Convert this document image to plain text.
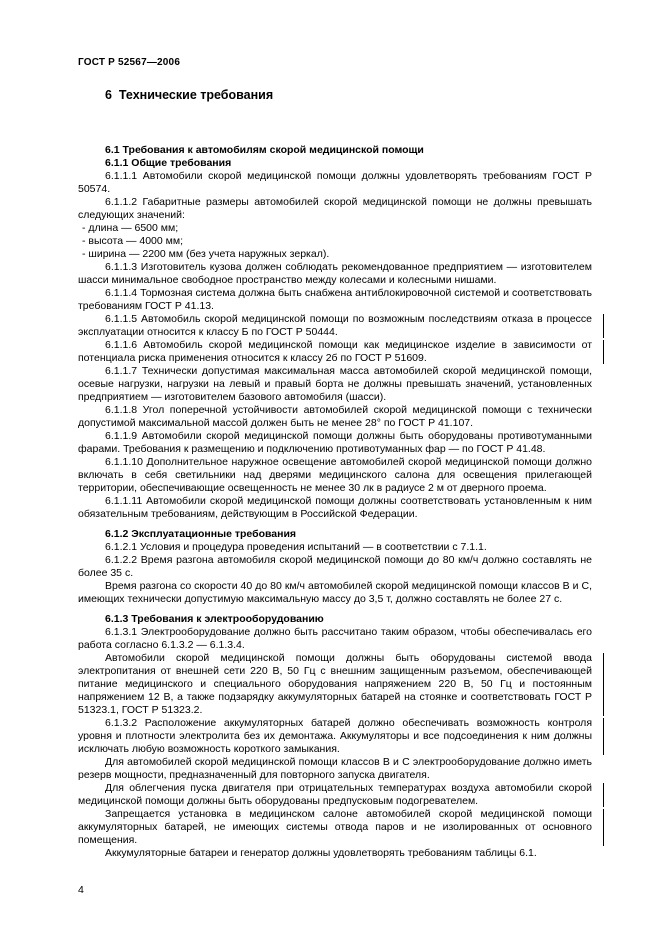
ГОСТ Р 52567—2006
6  Технические требования

6.1 Требования к автомобилям скорой медицинской помощи

6.1.1 Общие требования

6.1.1.1 Автомобили скорой медицинской помощи должны удовлетворять требованиям ГОСТ Р 50574.

6.1.1.2 Габаритные размеры автомобилей скорой медицинской помощи не должны превышать следующих значений:

- длина — 6500 мм;

- высота — 4000 мм;

- ширина — 2200 мм (без учета наружных зеркал).

6.1.1.3 Изготовитель кузова должен соблюдать рекомендованное предприятием — изготовителем шасси минимальное свободное пространство между колесами и колесными нишами.

6.1.1.4 Тормозная система должна быть снабжена антиблокировочной системой и соответствовать требованиям ГОСТ Р 41.13.

6.1.1.5 Автомобиль скорой медицинской помощи по возможным последствиям отказа в процессе эксплуатации относится к классу Б по ГОСТ Р 50444.

6.1.1.6 Автомобиль скорой медицинской помощи как медицинское изделие в зависимости от потенциала риска применения относится к классу 2б по ГОСТ Р 51609.

6.1.1.7 Технически допустимая максимальная масса автомобилей скорой медицинской помощи, осевые нагрузки, нагрузки на левый и правый борта не должны превышать значений, установленных предприятием — изготовителем базового автомобиля (шасси).

6.1.1.8 Угол поперечной устойчивости автомобилей скорой медицинской помощи с технически допустимой максимальной массой должен быть не менее 28° по ГОСТ Р 41.107.

6.1.1.9 Автомобили скорой медицинской помощи должны быть оборудованы противотуманными фарами. Требования к размещению и подключению противотуманных фар — по ГОСТ Р 41.48.

6.1.1.10 Дополнительное наружное освещение автомобилей скорой медицинской помощи должно включать в себя светильники над дверями медицинского салона для освещения прилегающей территории, обеспечивающие освещенность не менее 30 лк в радиусе 2 м от дверного проема.

6.1.1.11 Автомобили скорой медицинской помощи должны соответствовать установленным к ним обязательным требованиям, действующим в Российской Федерации.

6.1.2 Эксплуатационные требования

6.1.2.1 Условия и процедура проведения испытаний — в соответствии с 7.1.1.

6.1.2.2 Время разгона автомобиля скорой медицинской помощи до 80 км/ч должно составлять не более 35 с.

Время разгона со скорости 40 до 80 км/ч автомобилей скорой медицинской помощи классов В и С, имеющих технически допустимую максимальную массу до 3,5 т, должно составлять не более 27 с.

6.1.3 Требования к электрооборудованию

6.1.3.1 Электрооборудование должно быть рассчитано таким образом, чтобы обеспечивалась его работа согласно 6.1.3.2 — 6.1.3.4.

Автомобили скорой медицинской помощи должны быть оборудованы системой ввода электропитания от внешней сети 220 В, 50 Гц с внешним защищенным разъемом, обеспечивающей питание медицинского и специального оборудования напряжением 220 В, 50 Гц и постоянным напряжением 12 В, а также подзарядку аккумуляторных батарей на стоянке и соответствовать ГОСТ Р 51323.1, ГОСТ Р 51323.2.

6.1.3.2 Расположение аккумуляторных батарей должно обеспечивать возможность контроля уровня и плотности электролита без их демонтажа. Аккумуляторы и все подсоединения к ним должны исключать любую возможность короткого замыкания.

Для автомобилей скорой медицинской помощи классов В и С электрооборудование должно иметь резерв мощности, предназначенный для повторного запуска двигателя.

Для облегчения пуска двигателя при отрицательных температурах воздуха автомобили скорой медицинской помощи должны быть оборудованы предпусковым подогревателем.

Запрещается установка в медицинском салоне автомобилей скорой медицинской помощи аккумуляторных батарей, не имеющих системы отвода паров и не изолированных от основного помещения.

Аккумуляторные батареи и генератор должны удовлетворять требованиям таблицы 6.1.

4
